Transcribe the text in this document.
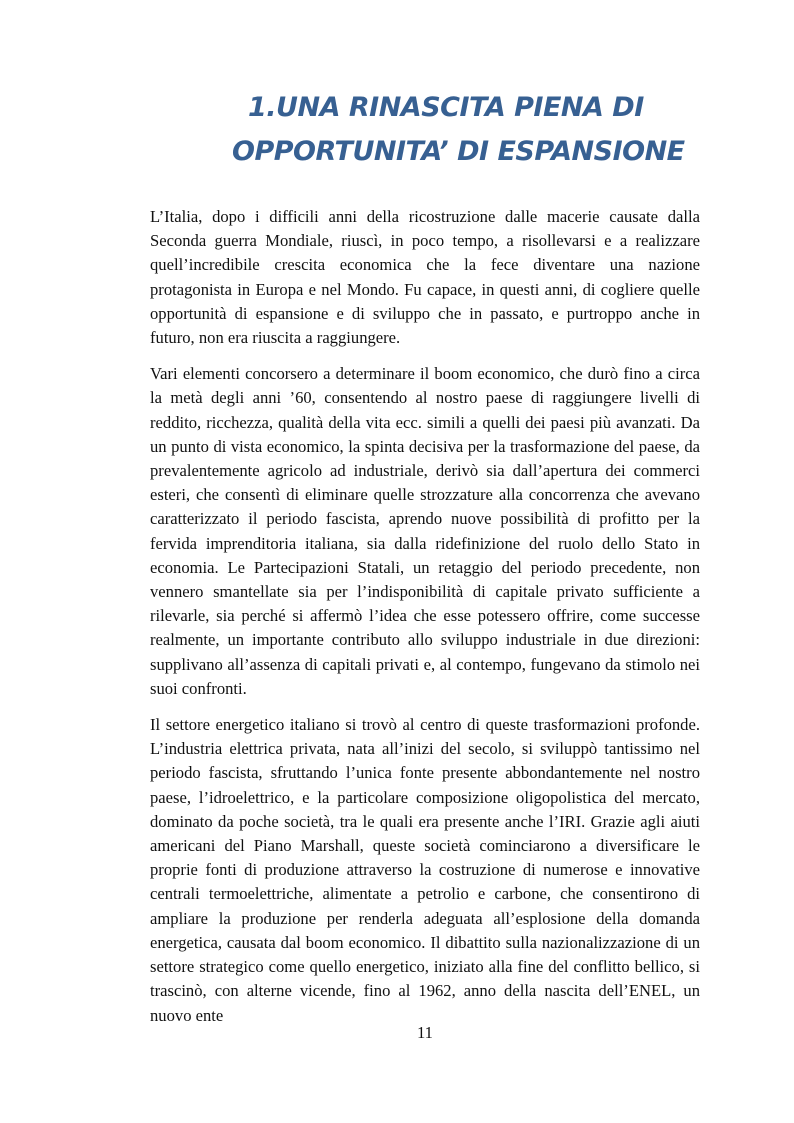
1.UNA RINASCITA PIENA DI
OPPORTUNITA’ DI ESPANSIONE

L’Italia, dopo i difficili anni della ricostruzione dalle macerie causate dalla Seconda guerra Mondiale, riuscì, in poco tempo, a risollevarsi e a realizzare quell’incredibile crescita economica che la fece diventare una nazione protagonista in Europa e nel Mondo. Fu capace, in questi anni, di cogliere quelle opportunità di espansione e di sviluppo che in passato, e purtroppo anche in futuro, non era riuscita a raggiungere.

Vari elementi concorsero a determinare il boom economico, che durò fino a circa la metà degli anni ’60, consentendo al nostro paese di raggiungere livelli di reddito, ricchezza, qualità della vita ecc. simili a quelli dei paesi più avanzati. Da un punto di vista economico, la spinta decisiva per la trasformazione del paese, da prevalentemente agricolo ad industriale, derivò sia dall’apertura dei commerci esteri, che consentì di eliminare quelle strozzature alla concorrenza che avevano caratterizzato il periodo fascista, aprendo nuove possibilità di profitto per la fervida imprenditoria italiana, sia dalla ridefinizione del ruolo dello Stato in economia. Le Partecipazioni Statali, un retaggio del periodo precedente, non vennero smantellate sia per l’indisponibilità di capitale privato sufficiente a rilevarle, sia perché si affermò l’idea che esse potessero offrire, come successe realmente, un importante contributo allo sviluppo industriale in due direzioni: supplivano all’assenza di capitali privati e, al contempo, fungevano da stimolo nei suoi confronti.

Il settore energetico italiano si trovò al centro di queste trasformazioni profonde. L’industria elettrica privata, nata all’inizi del secolo, si sviluppò tantissimo nel periodo fascista, sfruttando l’unica fonte presente abbondantemente nel nostro paese, l’idroelettrico, e la particolare composizione oligopolistica del mercato, dominato da poche società, tra le quali era presente anche l’IRI. Grazie agli aiuti americani del Piano Marshall, queste società cominciarono a diversificare le proprie fonti di produzione attraverso la costruzione di numerose e innovative centrali termoelettriche, alimentate a petrolio e carbone, che consentirono di ampliare la produzione per renderla adeguata all’esplosione della domanda energetica, causata dal boom economico. Il dibattito sulla nazionalizzazione di un settore strategico come quello energetico, iniziato alla fine del conflitto bellico, si trascinò, con alterne vicende, fino al 1962, anno della nascita dell’ENEL, un nuovo ente

11
